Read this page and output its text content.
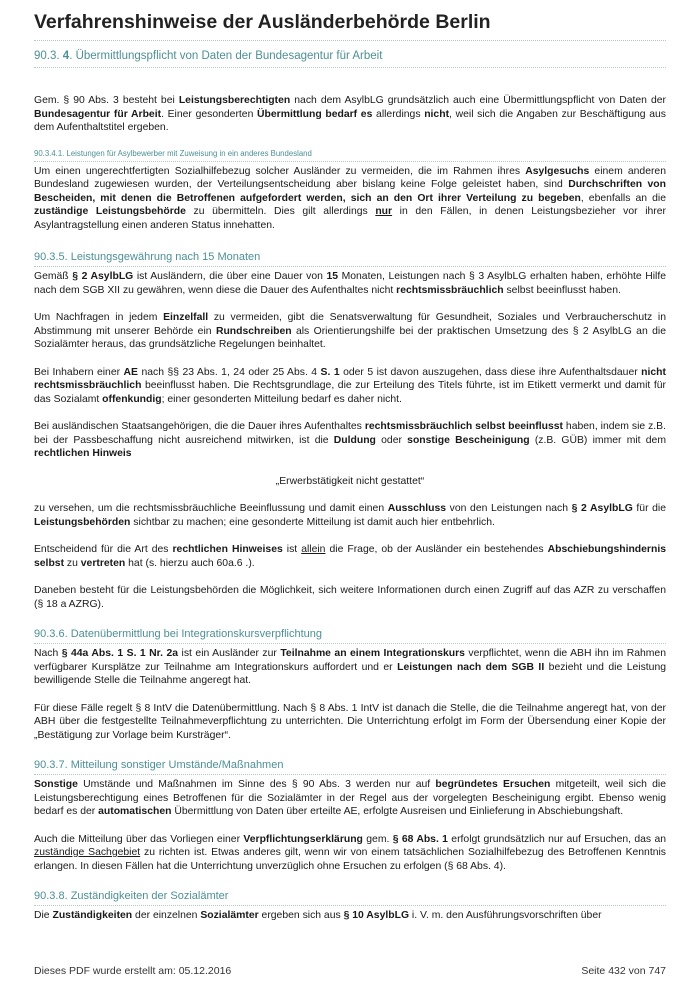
Verfahrenshinweise der Ausländerbehörde Berlin
90.3. 4. Übermittlungspflicht von Daten der Bundesagentur für Arbeit

Gem. § 90 Abs. 3 besteht bei Leistungsberechtigten nach dem AsylbLG grundsätzlich auch eine Übermittlungspflicht von Daten der Bundesagentur für Arbeit. Einer gesonderten Übermittlung bedarf es allerdings nicht, weil sich die Angaben zur Beschäftigung aus dem Aufenthaltstitel ergeben.

90.3.4.1. Leistungen für Asylbewerber mit Zuweisung in ein anderes Bundesland

Um einen ungerechtfertigten Sozialhilfebezug solcher Ausländer zu vermeiden, die im Rahmen ihres Asylgesuchs einem anderen Bundesland zugewiesen wurden, der Verteilungsentscheidung aber bislang keine Folge geleistet haben, sind Durchschriften von Bescheiden, mit denen die Betroffenen aufgefordert werden, sich an den Ort ihrer Verteilung zu begeben, ebenfalls an die zuständige Leistungsbehörde zu übermitteln. Dies gilt allerdings nur in den Fällen, in denen Leistungsbezieher vor ihrer Asylantragstellung einen anderen Status innehatten.

90.3.5. Leistungsgewährung nach 15 Monaten

Gemäß § 2 AsylbLG ist Ausländern, die über eine Dauer von 15 Monaten, Leistungen nach § 3 AsylbLG erhalten haben, erhöhte Hilfe nach dem SGB XII zu gewähren, wenn diese die Dauer des Aufenthaltes nicht rechtsmissbräuchlich selbst beeinflusst haben.

Um Nachfragen in jedem Einzelfall zu vermeiden, gibt die Senatsverwaltung für Gesundheit, Soziales und Verbraucherschutz in Abstimmung mit unserer Behörde ein Rundschreiben als Orientierungshilfe bei der praktischen Umsetzung des § 2 AsylbLG an die Sozialämter heraus, das grundsätzliche Regelungen beinhaltet.

Bei Inhabern einer AE nach §§ 23 Abs. 1, 24 oder 25 Abs. 4 S. 1 oder 5 ist davon auszugehen, dass diese ihre Aufenthaltsdauer nicht rechtsmissbräuchlich beeinflusst haben. Die Rechtsgrundlage, die zur Erteilung des Titels führte, ist im Etikett vermerkt und damit für das Sozialamt offenkundig; einer gesonderten Mitteilung bedarf es daher nicht.

Bei ausländischen Staatsangehörigen, die die Dauer ihres Aufenthaltes rechtsmissbräuchlich selbst beeinflusst haben, indem sie z.B. bei der Passbeschaffung nicht ausreichend mitwirken, ist die Duldung oder sonstige Bescheinigung (z.B. GÜB) immer mit dem rechtlichen Hinweis

„Erwerbstätigkeit nicht gestattet“

zu versehen, um die rechtsmissbräuchliche Beeinflussung und damit einen Ausschluss von den Leistungen nach § 2 AsylbLG für die Leistungsbehörden sichtbar zu machen; eine gesonderte Mitteilung ist damit auch hier entbehrlich.

Entscheidend für die Art des rechtlichen Hinweises ist allein die Frage, ob der Ausländer ein bestehendes Abschiebungshindernis selbst zu vertreten hat (s. hierzu auch 60a.6 .).

Daneben besteht für die Leistungsbehörden die Möglichkeit, sich weitere Informationen durch einen Zugriff auf das AZR zu verschaffen (§ 18 a AZRG).

90.3.6. Datenübermittlung bei Integrationskursverpflichtung

Nach § 44a Abs. 1 S. 1 Nr. 2a ist ein Ausländer zur Teilnahme an einem Integrationskurs verpflichtet, wenn die ABH ihn im Rahmen verfügbarer Kursplätze zur Teilnahme am Integrationskurs auffordert und er Leistungen nach dem SGB II bezieht und die Leistung bewilligende Stelle die Teilnahme angeregt hat.

Für diese Fälle regelt § 8 IntV die Datenübermittlung. Nach § 8 Abs. 1 IntV ist danach die Stelle, die die Teilnahme angeregt hat, von der ABH über die festgestellte Teilnahmeverpflichtung zu unterrichten. Die Unterrichtung erfolgt im Form der Übersendung einer Kopie der „Bestätigung zur Vorlage beim Kursträger“.

90.3.7. Mitteilung sonstiger Umstände/Maßnahmen

Sonstige Umstände und Maßnahmen im Sinne des § 90 Abs. 3 werden nur auf begründetes Ersuchen mitgeteilt, weil sich die Leistungsberechtigung eines Betroffenen für die Sozialämter in der Regel aus der vorgelegten Bescheinigung ergibt. Ebenso wenig bedarf es der automatischen Übermittlung von Daten über erteilte AE, erfolgte Ausreisen und Einlieferung in Abschiebungshaft.

Auch die Mitteilung über das Vorliegen einer Verpflichtungserklärung gem. § 68 Abs. 1 erfolgt grundsätzlich nur auf Ersuchen, das an zuständige Sachgebiet zu richten ist. Etwas anderes gilt, wenn wir von einem tatsächlichen Sozialhilfebezug des Betroffenen Kenntnis erlangen. In diesen Fällen hat die Unterrichtung unverzüglich ohne Ersuchen zu erfolgen (§ 68 Abs. 4).

90.3.8. Zuständigkeiten der Sozialämter

Die Zuständigkeiten der einzelnen Sozialämter ergeben sich aus § 10 AsylbLG i. V. m. den Ausführungsvorschriften über

Dieses PDF wurde erstellt am: 05.12.2016	Seite 432 von 747
